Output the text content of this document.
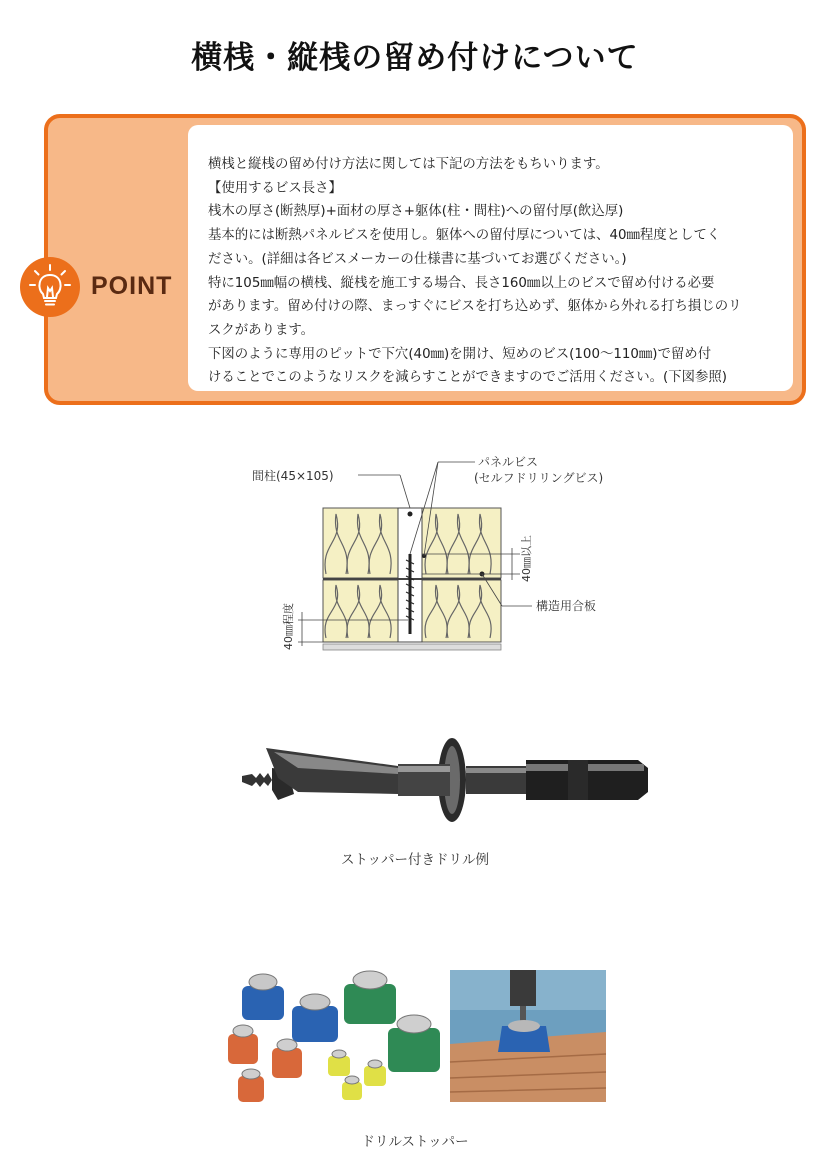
横桟・縦桟の留め付けについて
POINT

横桟と縦桟の留め付け方法に関しては下記の方法をもちいります。

【使用するビス長さ】

桟木の厚さ(断熱厚)+面材の厚さ+躯体(柱・間柱)への留付厚(飲込厚)

基本的には断熱パネルビスを使用し。躯体への留付厚については、40㎜程度としてく

ださい。(詳細は各ビスメーカーの仕様書に基づいてお選びください。)

特に105㎜幅の横桟、縦桟を施工する場合、長さ160㎜以上のビスで留め付ける必要

があります。留め付けの際、まっすぐにビスを打ち込めず、躯体から外れる打ち損じのリ

スクがあります。

下図のように専用のピットで下穴(40㎜)を開け、短めのビス(100～110㎜)で留め付

けることでこのようなリスクを減らすことができますのでご活用ください。(下図参照)

間柱(45×105)
パネルビス
(セルフドリリングビス)
構造用合板
40㎜以上
40㎜程度
ストッパー付きドリル例
ドリルストッパー
